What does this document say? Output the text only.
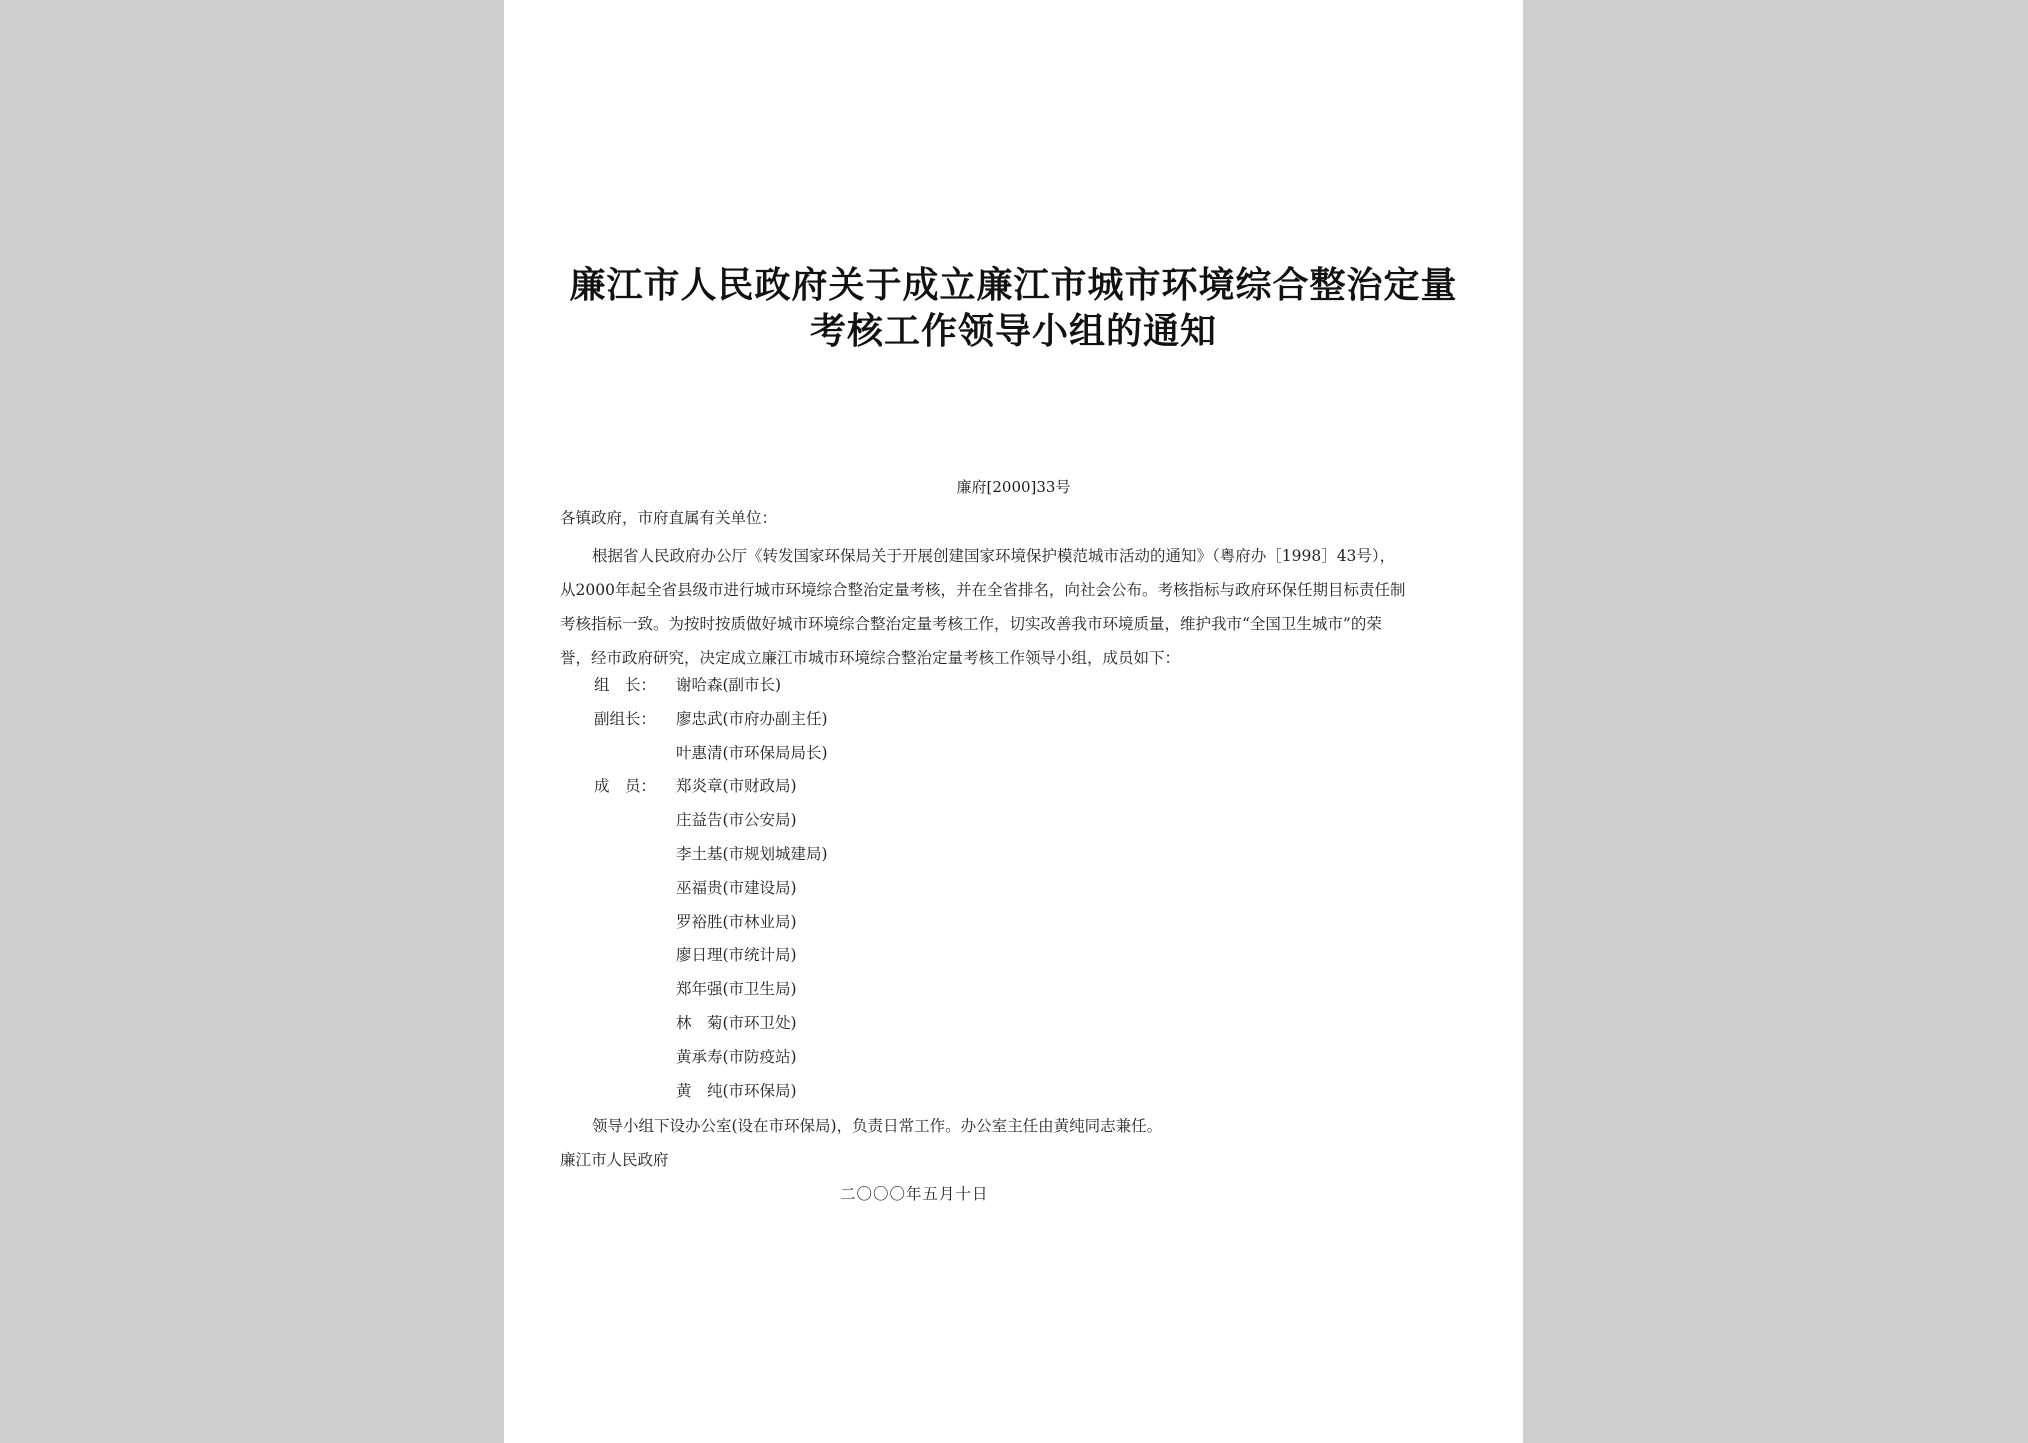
廉江市人民政府关于成立廉江市城市环境综合整治定量
考核工作领导小组的通知
廉府[2000]33号
各镇政府，市府直属有关单位：
根据省人民政府办公厅《转发国家环保局关于开展创建国家环境保护模范城市活动的通知》（粤府办［1998］43号），
从2000年起全省县级市进行城市环境综合整治定量考核，并在全省排名，向社会公布。考核指标与政府环保任期目标责任制
考核指标一致。为按时按质做好城市环境综合整治定量考核工作，切实改善我市环境质量，维护我市“全国卫生城市”的荣
誉，经市政府研究，决定成立廉江市城市环境综合整治定量考核工作领导小组，成员如下：
组　长：	谢哈森(副市长)
副组长：	廖忠武(市府办副主任)
叶惠清(市环保局局长)
成　员：	郑炎章(市财政局)
庄益告(市公安局)
李土基(市规划城建局)
巫福贵(市建设局)
罗裕胜(市林业局)
廖日理(市统计局)
郑年强(市卫生局)
林　菊(市环卫处)
黄承寿(市防疫站)
黄　纯(市环保局)
领导小组下设办公室(设在市环保局)，负责日常工作。办公室主任由黄纯同志兼任。
廉江市人民政府
二〇〇〇年五月十日
